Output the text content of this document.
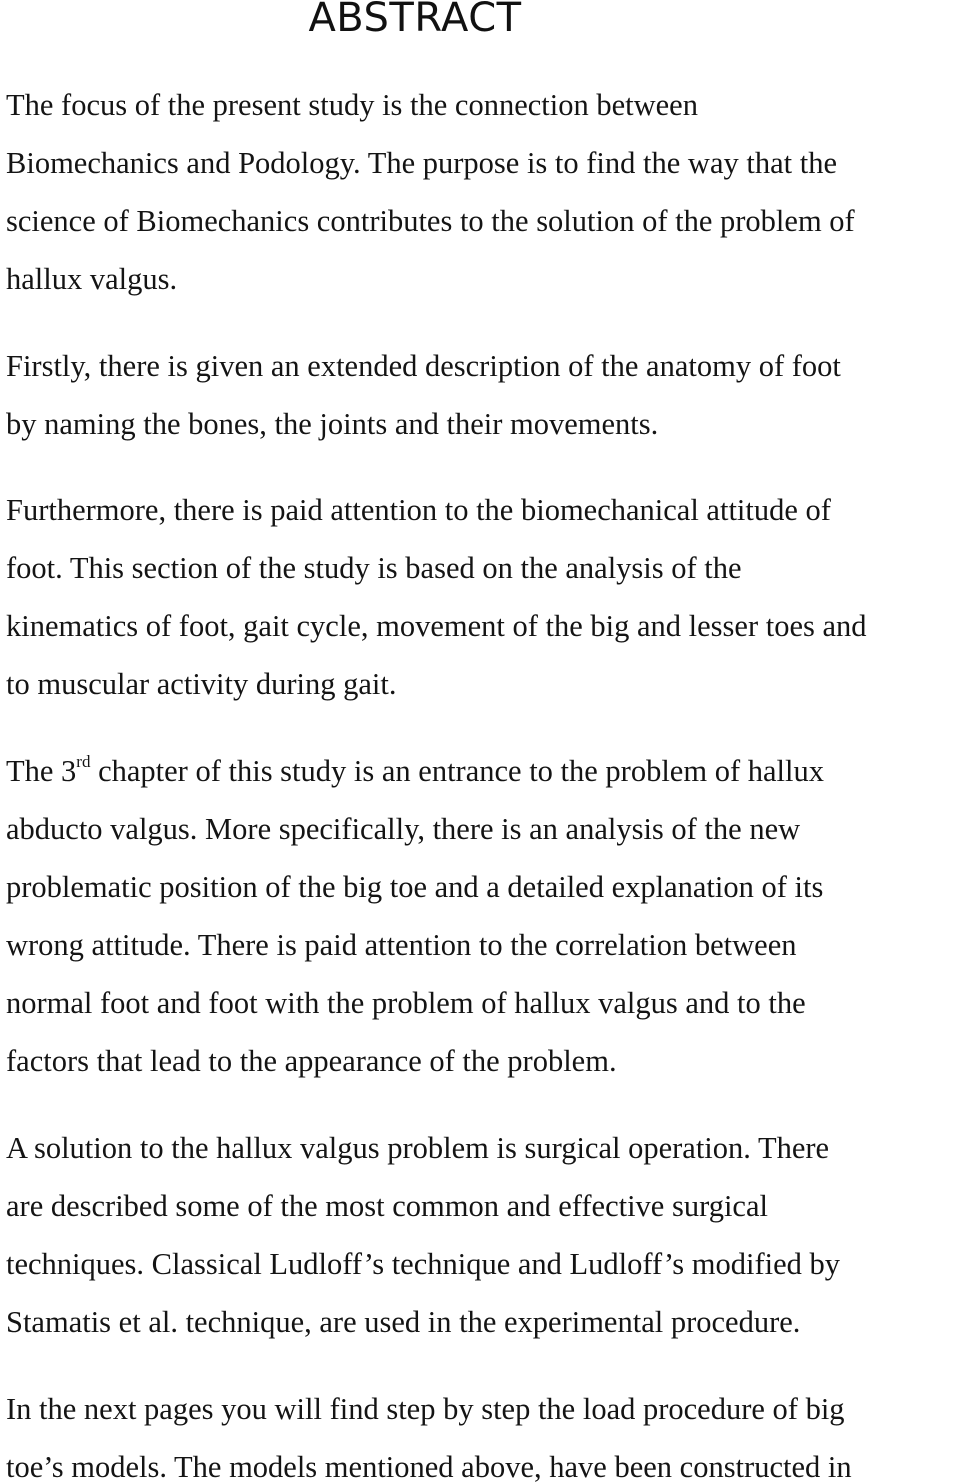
ABSTRACT

The focus of the present study is the connection between
Biomechanics and Podology. The purpose is to find the way that the
science of Biomechanics contributes to the solution of the problem of
hallux valgus.

Firstly, there is given an extended description of the anatomy of foot
by naming the bones, the joints and their movements.

Furthermore, there is paid attention to the biomechanical attitude of
foot. This section of the study is based on the analysis of the
kinematics of foot, gait cycle, movement of the big and lesser toes and
to muscular activity during gait.

The 3rd chapter of this study is an entrance to the problem of hallux
abducto valgus. More specifically, there is an analysis of the new
problematic position of the big toe and a detailed explanation of its
wrong attitude. There is paid attention to the correlation between
normal foot and foot with the problem of hallux valgus and to the
factors that lead to the appearance of the problem.

A solution to the hallux valgus problem is surgical operation. There
are described some of the most common and effective surgical
techniques. Classical Ludloff’s technique and Ludloff’s modified by
Stamatis et al. technique, are used in the experimental procedure.

In the next pages you will find step by step the load procedure of big
toe’s models. The models mentioned above, have been constructed in
